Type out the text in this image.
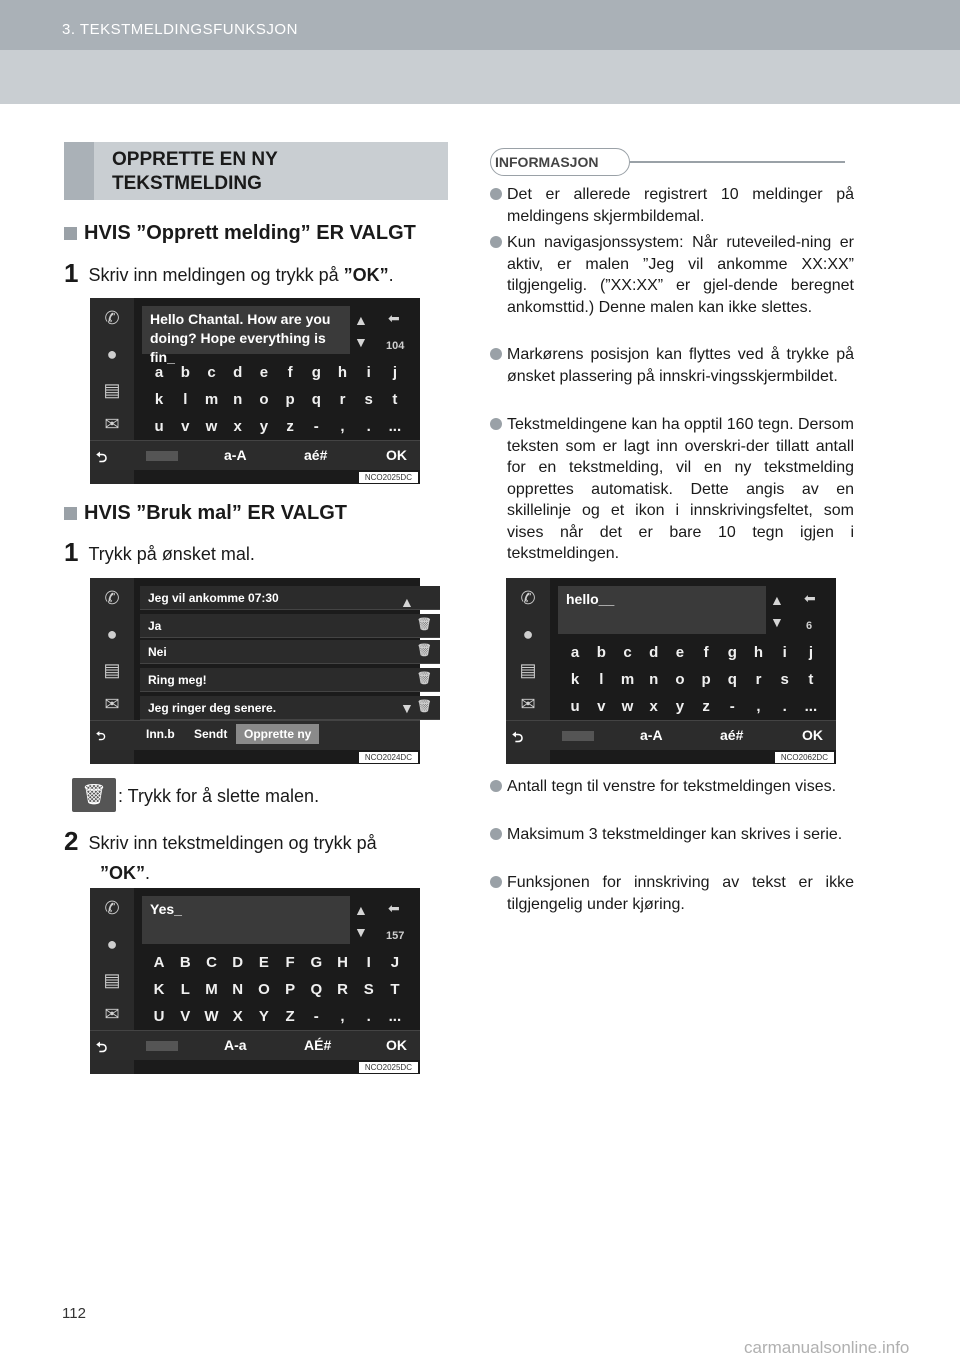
3. TEKSTMELDINGSFUNKSJON
OPPRETTE EN NY
TEKSTMELDING
HVIS ”Opprett melding” ER VALGT
1 Skriv inn meldingen og trykk på ”OK”.
✆
●
▤
✉
Hello Chantal. How are you
doing? Hope everything is fin_
▲
▼
⬅
104
a	b	c	d	e	f	g	h	i	j
k	l	m n	o	p	q	r	s	t
u	v	w	x	y	z	-	,	.	...
⮌	a-A	aé#	OK
NCO2025DC
HVIS ”Bruk mal” ER VALGT
1 Trykk på ønsket mal.
✆
●
▤
✉
Jeg vil ankomme 07:30
Ja	🗑
Nei	🗑
Ring meg!	🗑
Jeg ringer deg senere.	🗑
▲
▼
⮌	Inn.b Sendt	Opprette ny
NCO2024DC
🗑 : Trykk for å slette malen.
2 Skriv inn tekstmeldingen og trykk på
”OK”.
✆
●
▤
✉
Yes_	▲
▼
⬅
157
A	B	C	D	E	F	G H	I	J
K	L	M N O	P	Q R	S	T
U	V W X	Y	Z	-	,	.	...
⮌	A-a	AÉ#	OK
NCO2025DC
INFORMASJON
Det er allerede registrert 10 meldinger på meldingens skjermbildemal.
Kun navigasjonssystem: Når ruteveiled-ning er aktiv, er malen ”Jeg vil ankomme XX:XX” tilgjengelig. (”XX:XX” er gjel-dende beregnet ankomsttid.) Denne malen kan ikke slettes.
Markørens posisjon kan flyttes ved å trykke på ønsket plassering på innskri-vingsskjermbildet.
Tekstmeldingene kan ha opptil 160 tegn. Dersom teksten som er lagt inn overskri-der tillatt antall for en tekstmelding, vil en ny tekstmelding opprettes automatisk. Dette angis av en skillelinje og et ikon i innskrivingsfeltet, som vises når det er bare 10 tegn igjen i tekstmeldingen.
✆
●
▤
✉
hello__	▲
▼
⬅
6
a	b	c	d	e	f	g	h	i	j
k	l	m n	o	p	q	r	s	t
u	v	w	x	y	z	-	,	.	...
⮌	a-A	aé#	OK
NCO2062DC
Antall tegn til venstre for tekstmeldingen vises.
Maksimum 3 tekstmeldinger kan skrives i serie.
Funksjonen for innskriving av tekst er ikke tilgjengelig under kjøring.
112
carmanualsonline.info
